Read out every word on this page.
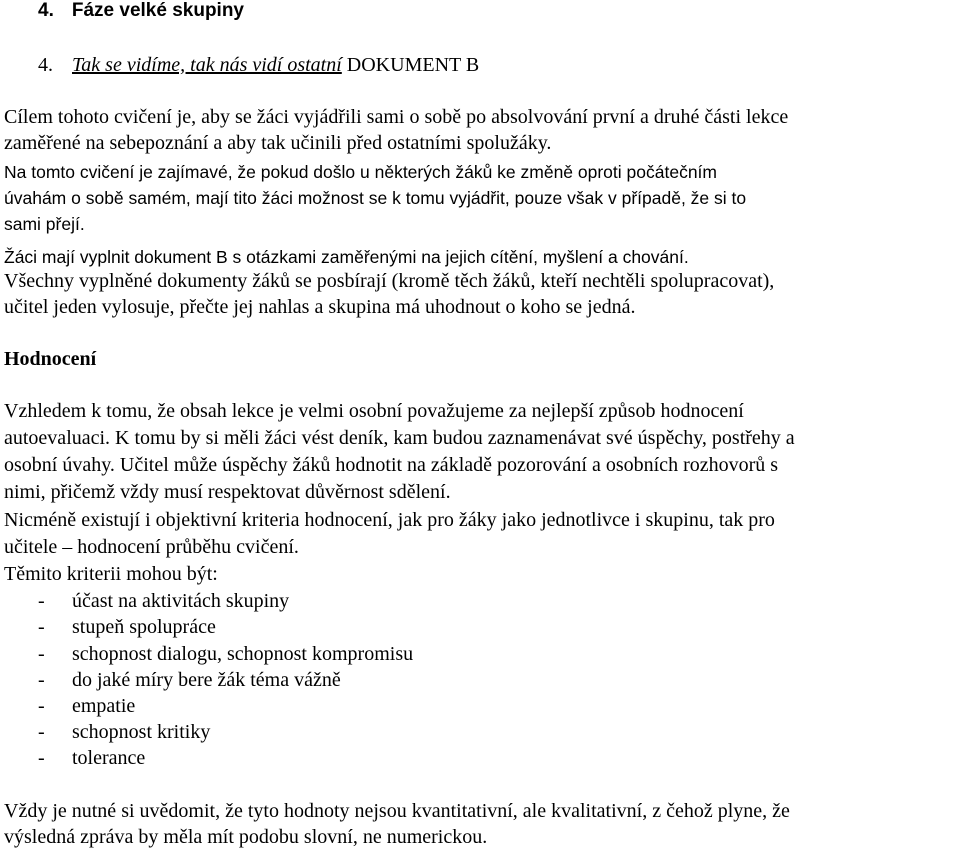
4. Fáze velké skupiny
4. Tak se vidíme, tak nás vidí ostatní DOKUMENT B
Cílem tohoto cvičení je, aby se žáci vyjádřili sami o sobě po absolvování první a druhé části lekce
zaměřené na sebepoznání a aby tak učinili před ostatními spolužáky.
Na tomto cvičení je zajímavé, že pokud došlo u některých žáků ke změně oproti počátečním
úvahám o sobě samém, mají tito žáci možnost se k tomu vyjádřit, pouze však v případě, že si to
sami přejí.
Žáci mají vyplnit dokument B s otázkami zaměřenými na jejich cítění, myšlení a chování.
Všechny vyplněné dokumenty žáků se posbírají (kromě těch žáků, kteří nechtěli spolupracovat),
učitel jeden vylosuje, přečte jej nahlas a skupina má uhodnout o koho se jedná.
Hodnocení
Vzhledem k tomu, že obsah lekce je velmi osobní považujeme za nejlepší způsob hodnocení
autoevaluaci. K tomu by si měli žáci vést deník, kam budou zaznamenávat své úspěchy, postřehy a
osobní úvahy. Učitel může úspěchy žáků hodnotit na základě pozorování a osobních rozhovorů s
nimi, přičemž vždy musí respektovat důvěrnost sdělení.
Nicméně existují i objektivní kriteria hodnocení, jak pro žáky jako jednotlivce i skupinu, tak pro
učitele – hodnocení průběhu cvičení.
Těmito kriterii mohou být:
- účast na aktivitách skupiny
- stupeň spolupráce
- schopnost dialogu, schopnost kompromisu
- do jaké míry bere žák téma vážně
- empatie
- schopnost kritiky
- tolerance
Vždy je nutné si uvědomit, že tyto hodnoty nejsou kvantitativní, ale kvalitativní, z čehož plyne, že
výsledná zpráva by měla mít podobu slovní, ne numerickou.
